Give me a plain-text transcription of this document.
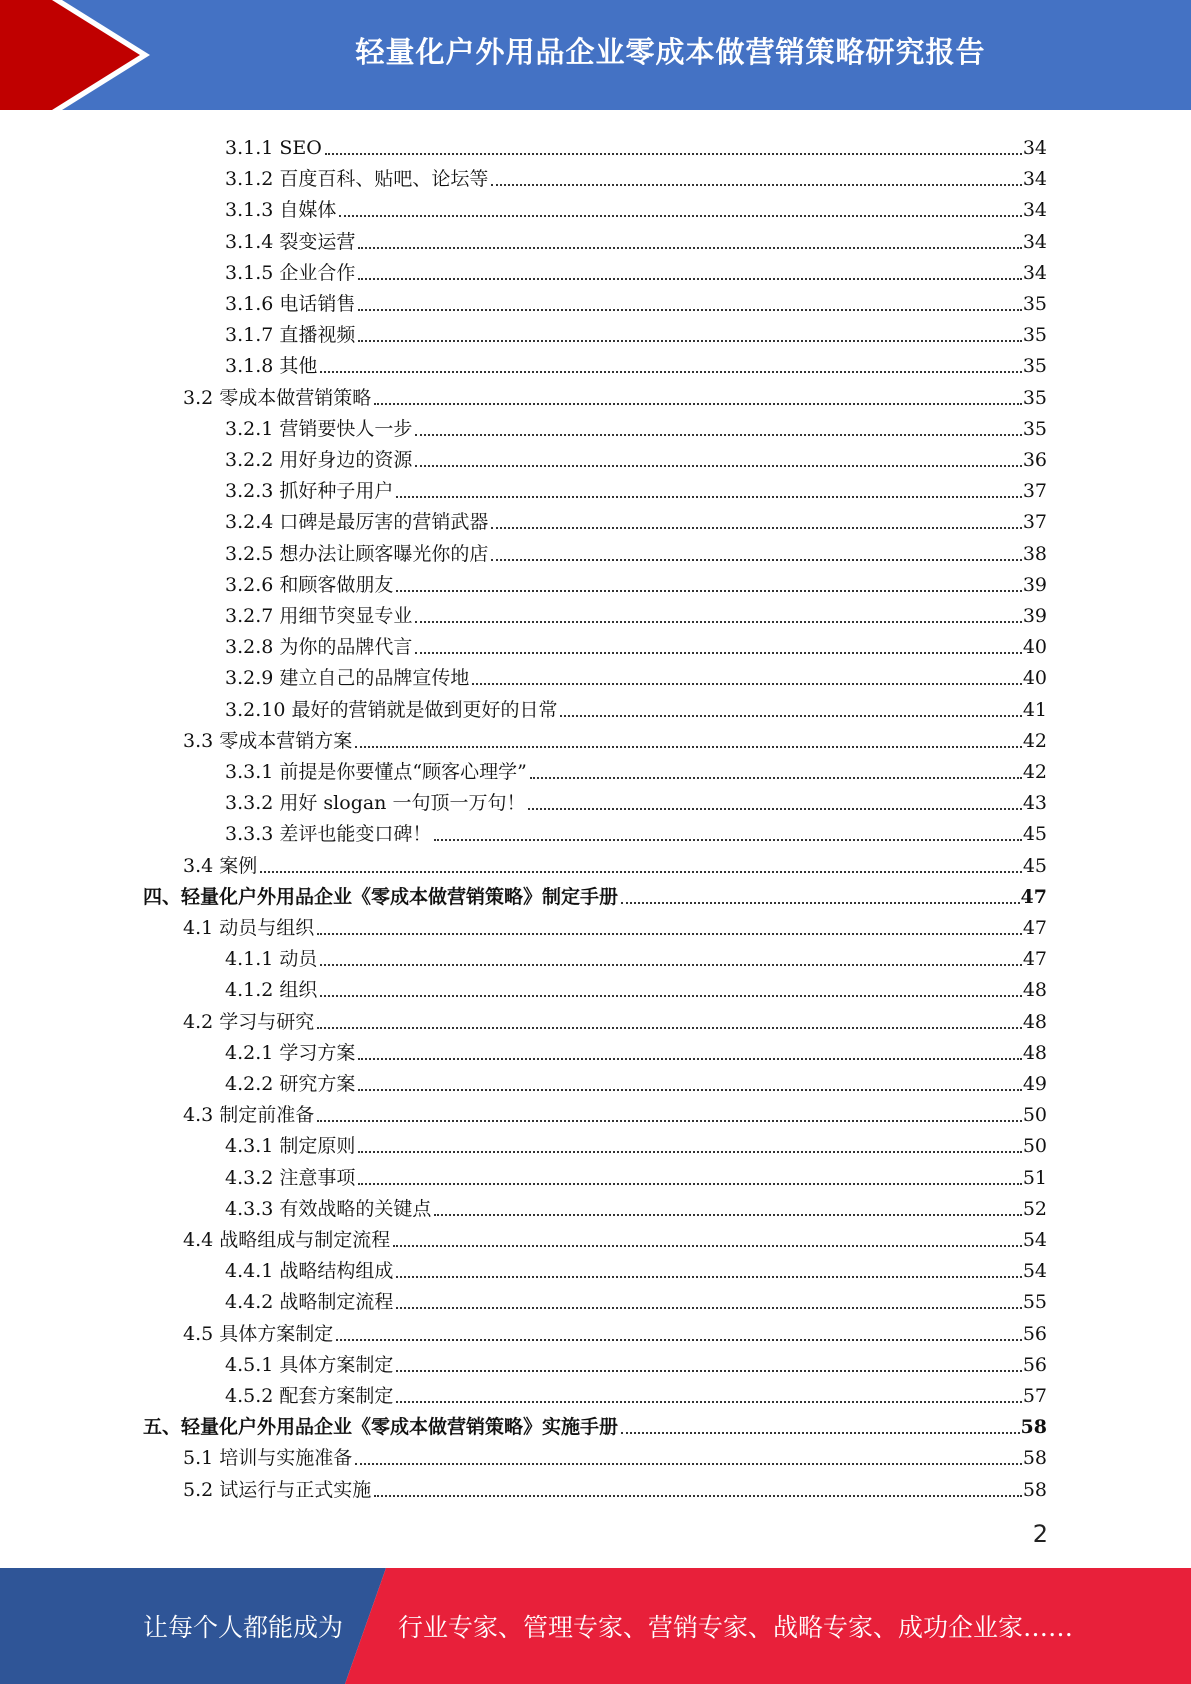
轻量化户外用品企业零成本做营销策略研究报告
3.1.1 SEO	34
3.1.2 百度百科、贴吧、论坛等	34
3.1.3 自媒体	34
3.1.4 裂变运营	34
3.1.5 企业合作	34
3.1.6 电话销售	35
3.1.7 直播视频	35
3.1.8 其他	35
3.2 零成本做营销策略	35
3.2.1 营销要快人一步	35
3.2.2 用好身边的资源	36
3.2.3 抓好种子用户	37
3.2.4 口碑是最厉害的营销武器	37
3.2.5 想办法让顾客曝光你的店	38
3.2.6 和顾客做朋友	39
3.2.7 用细节突显专业	39
3.2.8 为你的品牌代言	40
3.2.9 建立自己的品牌宣传地	40
3.2.10 最好的营销就是做到更好的日常	41
3.3 零成本营销方案	42
3.3.1 前提是你要懂点“顾客心理学”	42
3.3.2 用好 slogan 一句顶一万句！	43
3.3.3 差评也能变口碑！	45
3.4 案例	45
四、轻量化户外用品企业《零成本做营销策略》制定手册	47
4.1 动员与组织	47
4.1.1 动员	47
4.1.2 组织	48
4.2 学习与研究	48
4.2.1 学习方案	48
4.2.2 研究方案	49
4.3 制定前准备	50
4.3.1 制定原则	50
4.3.2 注意事项	51
4.3.3 有效战略的关键点	52
4.4 战略组成与制定流程	54
4.4.1 战略结构组成	54
4.4.2 战略制定流程	55
4.5 具体方案制定	56
4.5.1 具体方案制定	56
4.5.2 配套方案制定	57
五、轻量化户外用品企业《零成本做营销策略》实施手册	58
5.1 培训与实施准备	58
5.2 试运行与正式实施	58
2
让每个人都能成为 行业专家、管理专家、营销专家、战略专家、成功企业家……
